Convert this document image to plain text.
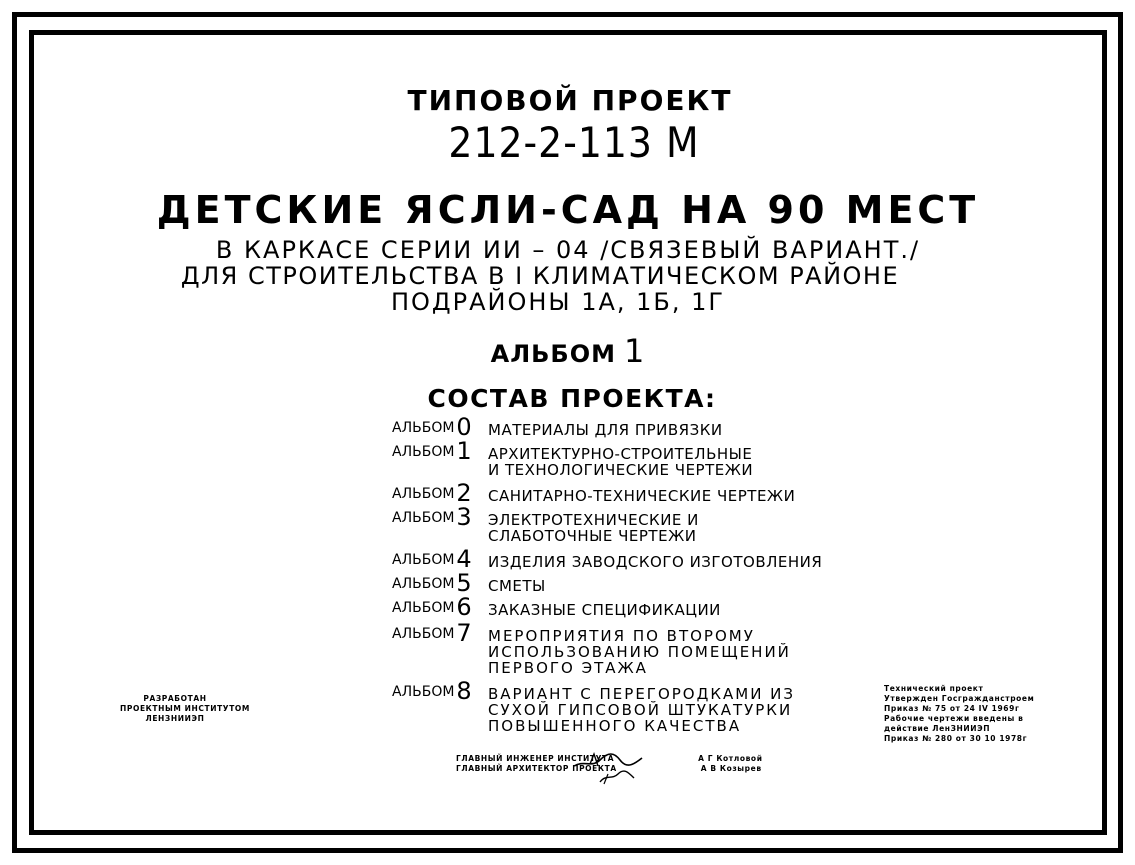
ТИПОВОЙ ПРОЕКТ
212-2-113 М
ДЕТСКИЕ ЯСЛИ-САД НА 90 МЕСТ
В КАРКАСЕ СЕРИИ ИИ – 04 /СВЯЗЕВЫЙ ВАРИАНТ./
ДЛЯ СТРОИТЕЛЬСТВА В I КЛИМАТИЧЕСКОМ РАЙОНЕ
ПОДРАЙОНЫ 1А, 1Б, 1Г
АЛЬБОМ 1
СОСТАВ ПРОЕКТА:
АЛЬБОМ 0 МАТЕРИАЛЫ ДЛЯ ПРИВЯЗКИ
АЛЬБОМ 1 АРХИТЕКТУРНО-СТРОИТЕЛЬНЫЕ
И ТЕХНОЛОГИЧЕСКИЕ ЧЕРТЕЖИ
АЛЬБОМ 2 САНИТАРНО-ТЕХНИЧЕСКИЕ ЧЕРТЕЖИ
АЛЬБОМ 3 ЭЛЕКТРОТЕХНИЧЕСКИЕ И
СЛАБОТОЧНЫЕ ЧЕРТЕЖИ
АЛЬБОМ 4 ИЗДЕЛИЯ ЗАВОДСКОГО ИЗГОТОВЛЕНИЯ
АЛЬБОМ 5 СМЕТЫ
АЛЬБОМ 6 ЗАКАЗНЫЕ СПЕЦИФИКАЦИИ
АЛЬБОМ 7 МЕРОПРИЯТИЯ ПО ВТОРОМУ
ИСПОЛЬЗОВАНИЮ ПОМЕЩЕНИЙ
ПЕРВОГО ЭТАЖА
АЛЬБОМ 8 ВАРИАНТ С ПЕРЕГОРОДКАМИ ИЗ
СУХОЙ ГИПСОВОЙ ШТУКАТУРКИ
ПОВЫШЕННОГО КАЧЕСТВА
РАЗРАБОТАН
ПРОЕКТНЫМ ИНСТИТУТОМ
ЛЕНЗНИИЭП
Технический проект
Утвержден Госгражданстроем
Приказ № 75 от 24 IV 1969г
Рабочие чертежи введены в
действие ЛенЗНИИЭП
Приказ № 280 от 30 10 1978г
ГЛАВНЫЙ ИНЖЕНЕР ИНСТИТУТА	А Г Котловой
ГЛАВНЫЙ АРХИТЕКТОР ПРОЕКТА	А В Козырев
